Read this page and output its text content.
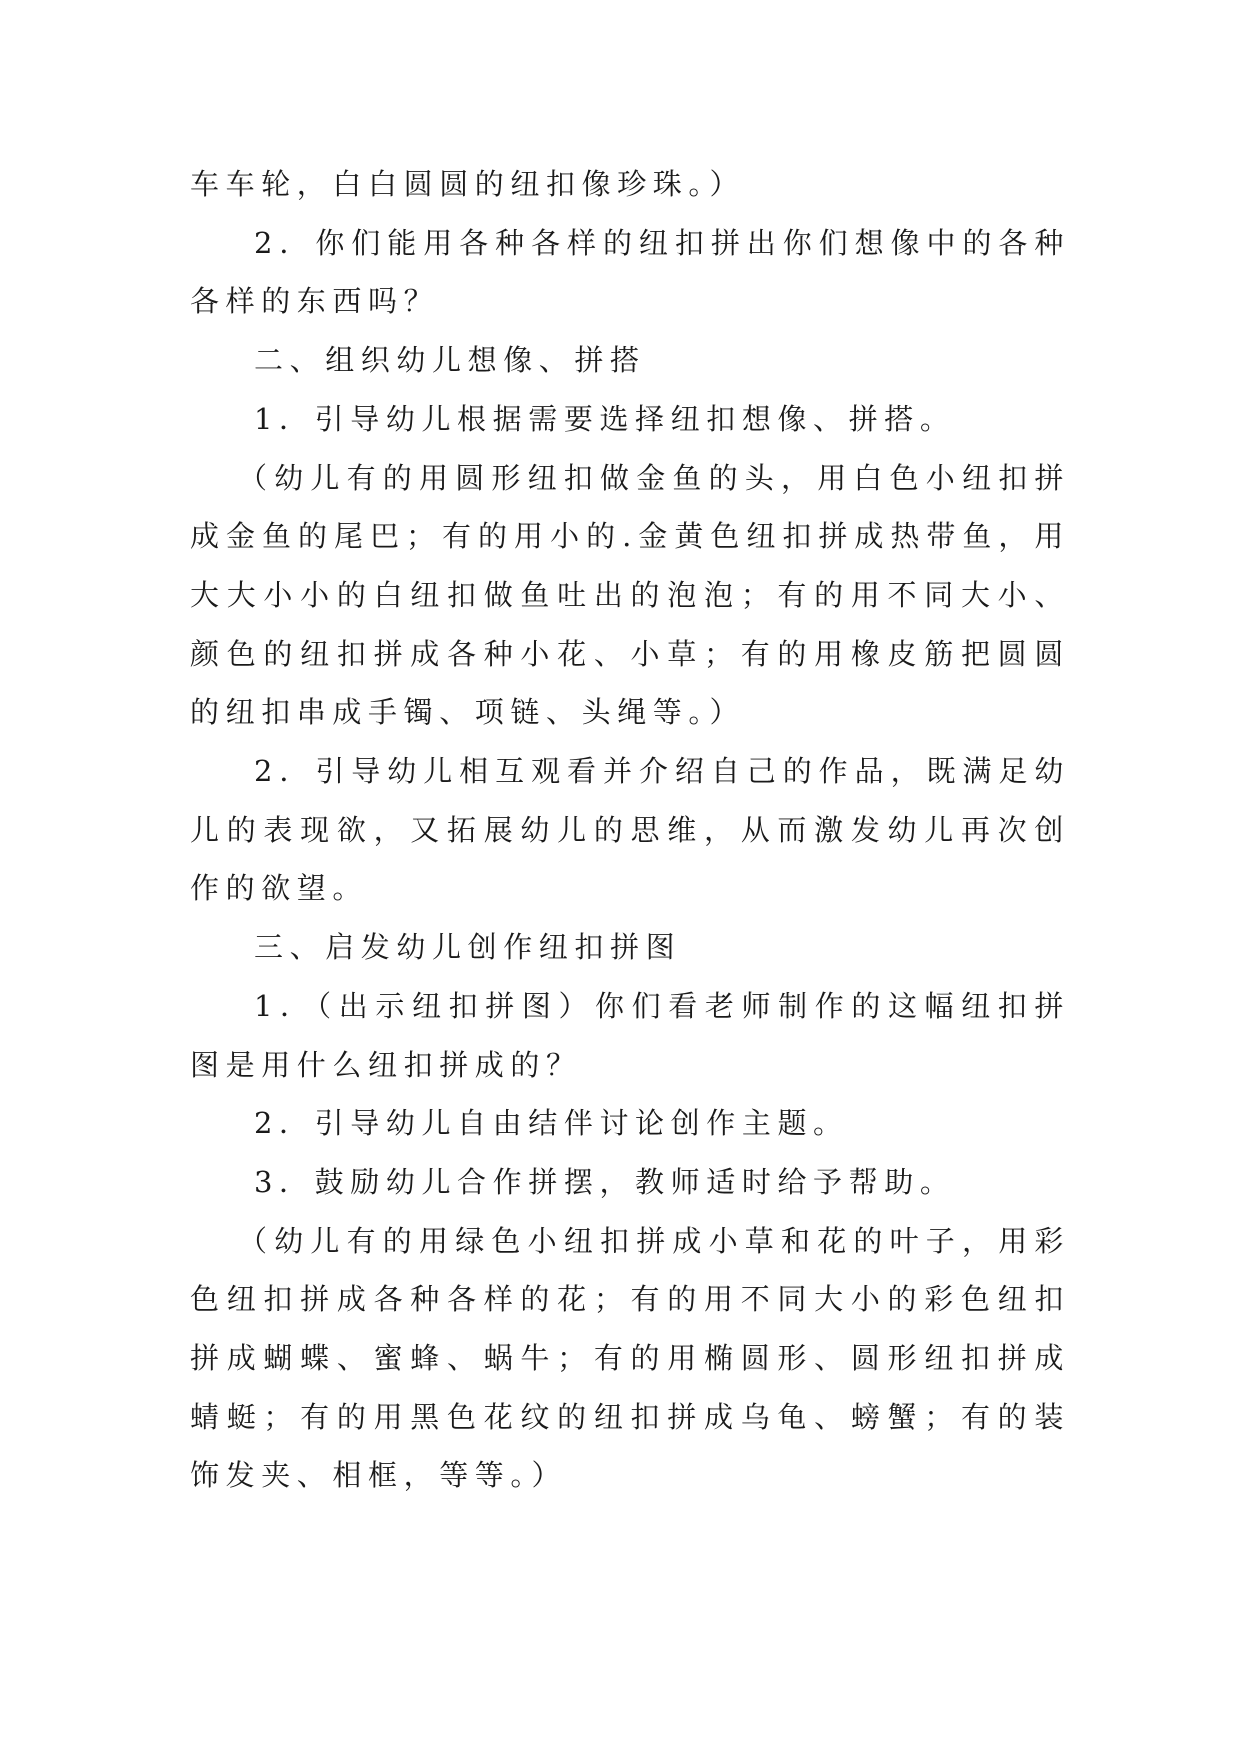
车车轮，白白圆圆的纽扣像珍珠。）

2．你们能用各种各样的纽扣拼出你们想像中的各种各样的东西吗？

二、组织幼儿想像、拼搭

1．引导幼儿根据需要选择纽扣想像、拼搭。

（幼儿有的用圆形纽扣做金鱼的头，用白色小纽扣拼成金鱼的尾巴；有的用小的.金黄色纽扣拼成热带鱼，用大大小小的白纽扣做鱼吐出的泡泡；有的用不同大小、颜色的纽扣拼成各种小花、小草；有的用橡皮筋把圆圆的纽扣串成手镯、项链、头绳等。）

2．引导幼儿相互观看并介绍自己的作品，既满足幼儿的表现欲，又拓展幼儿的思维，从而激发幼儿再次创作的欲望。

三、启发幼儿创作纽扣拼图

1．（出示纽扣拼图）你们看老师制作的这幅纽扣拼图是用什么纽扣拼成的？

2．引导幼儿自由结伴讨论创作主题。

3．鼓励幼儿合作拼摆，教师适时给予帮助。

（幼儿有的用绿色小纽扣拼成小草和花的叶子，用彩色纽扣拼成各种各样的花；有的用不同大小的彩色纽扣拼成蝴蝶、蜜蜂、蜗牛；有的用椭圆形、圆形纽扣拼成蜻蜓；有的用黑色花纹的纽扣拼成乌龟、螃蟹；有的装饰发夹、相框，等等。）
